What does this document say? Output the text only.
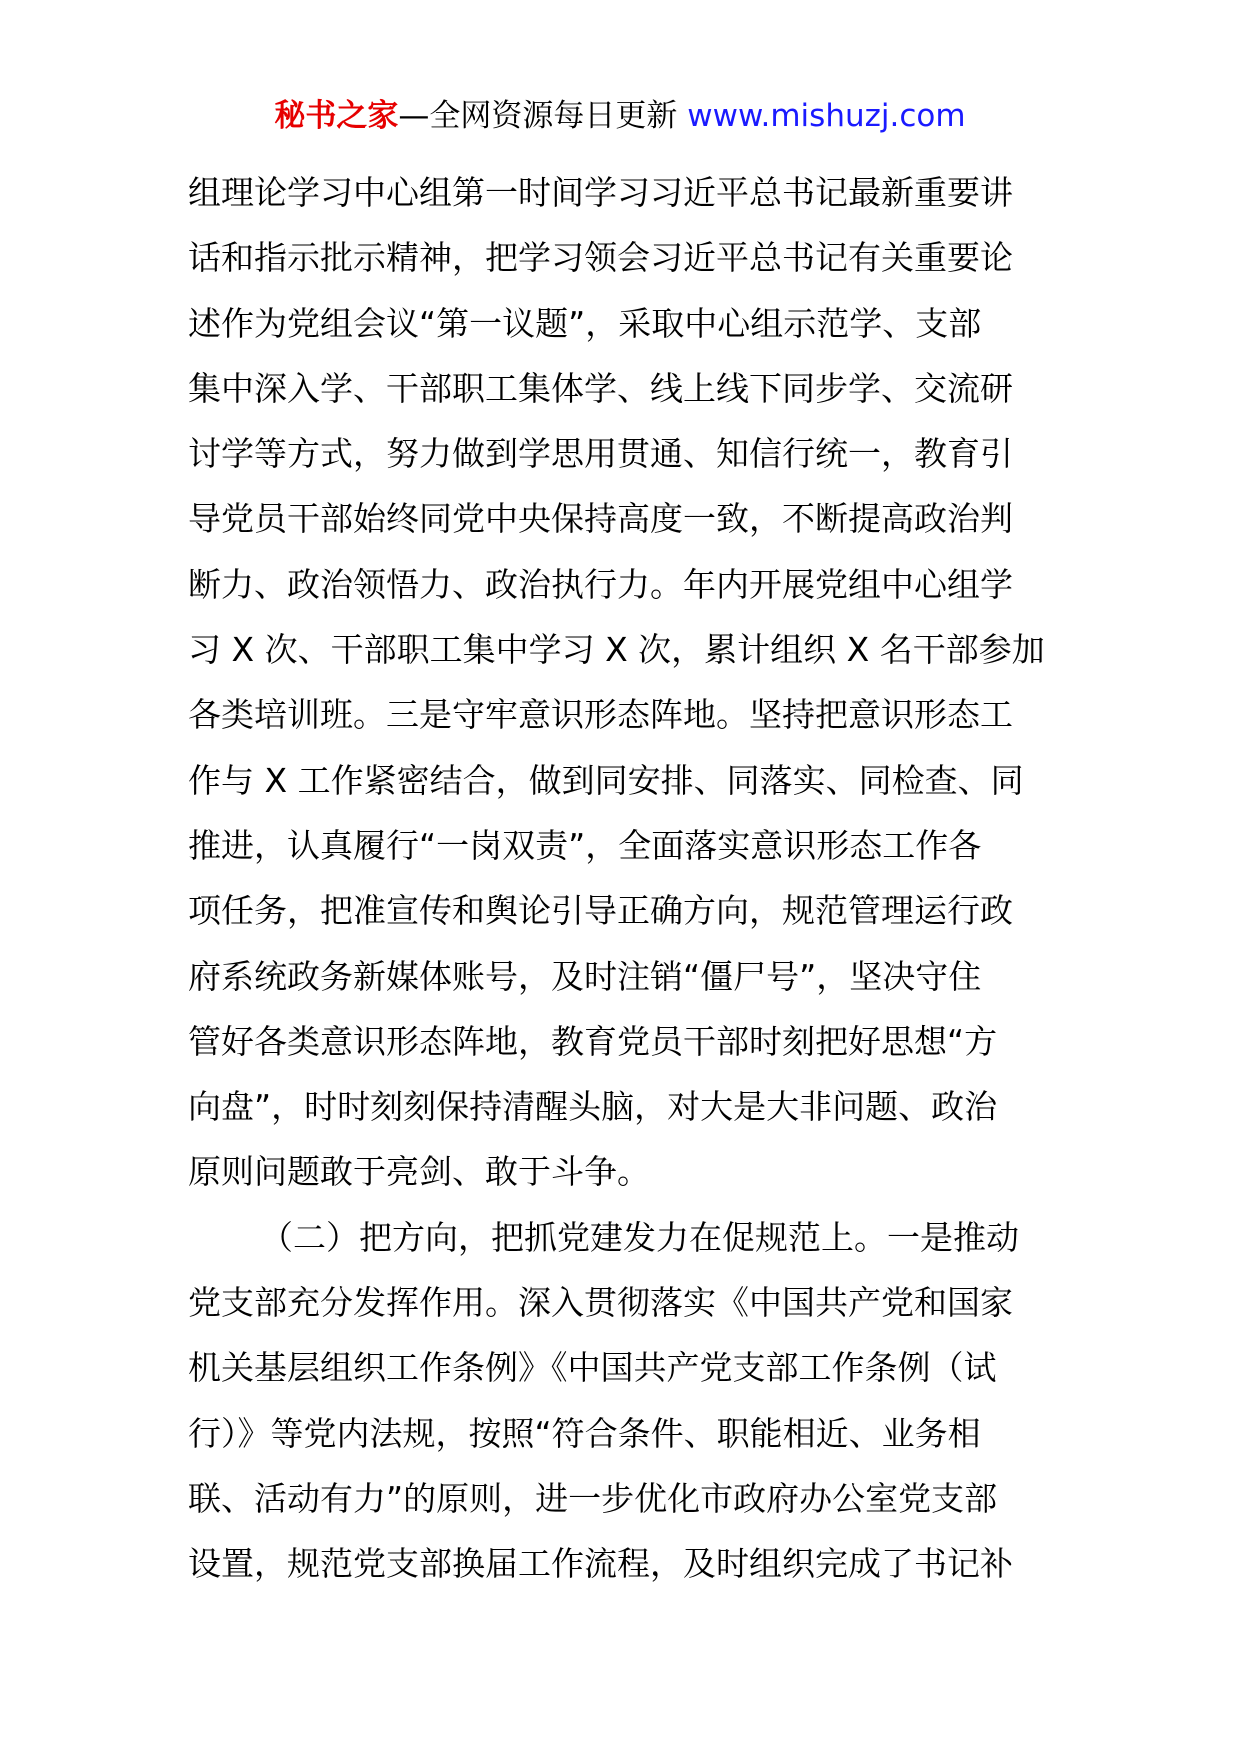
秘书之家—全网资源每日更新 www.mishuzj.com
组理论学习中心组第一时间学习习近平总书记最新重要讲
话和指示批示精神，把学习领会习近平总书记有关重要论
述作为党组会议“第一议题”，采取中心组示范学、支部
集中深入学、干部职工集体学、线上线下同步学、交流研
讨学等方式，努力做到学思用贯通、知信行统一，教育引
导党员干部始终同党中央保持高度一致，不断提高政治判
断力、政治领悟力、政治执行力。年内开展党组中心组学
习 X 次、干部职工集中学习 X 次，累计组织 X 名干部参加
各类培训班。三是守牢意识形态阵地。坚持把意识形态工
作与 X 工作紧密结合，做到同安排、同落实、同检查、同
推进，认真履行“一岗双责”，全面落实意识形态工作各
项任务，把准宣传和舆论引导正确方向，规范管理运行政
府系统政务新媒体账号，及时注销“僵尸号”，坚决守住
管好各类意识形态阵地，教育党员干部时刻把好思想“方
向盘”，时时刻刻保持清醒头脑，对大是大非问题、政治
原则问题敢于亮剑、敢于斗争。
（二）把方向，把抓党建发力在促规范上。一是推动
党支部充分发挥作用。深入贯彻落实《中国共产党和国家
机关基层组织工作条例》《中国共产党支部工作条例（试
行）》等党内法规，按照“符合条件、职能相近、业务相
联、活动有力”的原则，进一步优化市政府办公室党支部
设置，规范党支部换届工作流程，及时组织完成了书记补
